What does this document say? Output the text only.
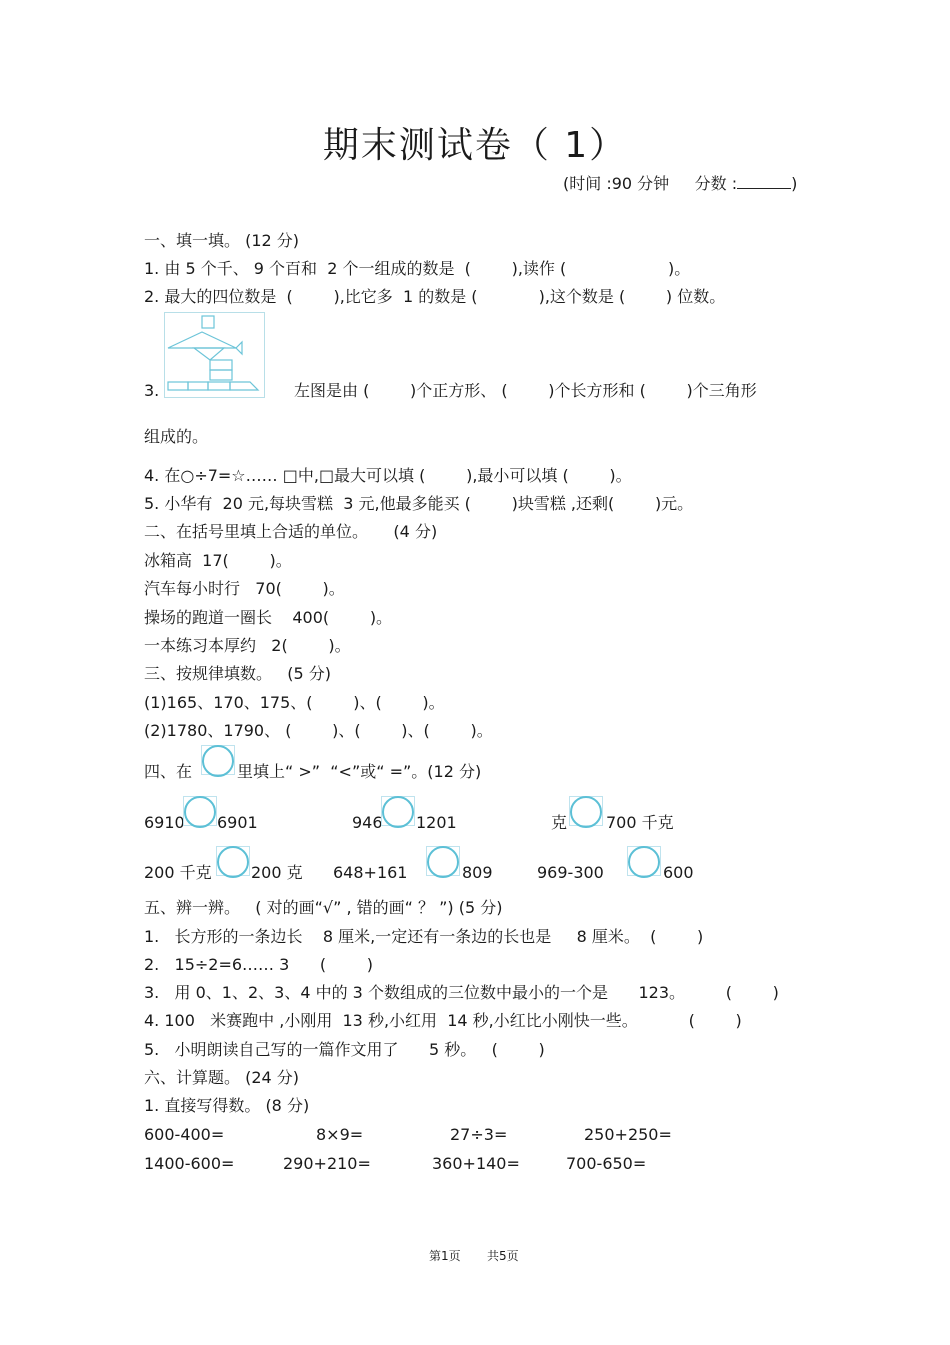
期末测试卷（ 1）
(时间 :90 分钟 分数 :	)
一、填一填。 (12 分)
1. 由 5 个千、 9 个百和  2 个一组成的数是  (        ),读作 (                    )。
2. 最大的四位数是  (        ),比它多  1 的数是 (            ),这个数是 (        ) 位数。
3.	左图是由 (        )个正方形、 (        )个长方形和 (        )个三角形
组成的。
4. 在○÷7=☆…… □中,□最大可以填 (        ),最小可以填 (        )。
5. 小华有  20 元,每块雪糕  3 元,他最多能买 (        )块雪糕 ,还剩(        )元。
二、在括号里填上合适的单位。     (4 分)
冰箱高  17(        )。
汽车每小时行   70(        )。
操场的跑道一圈长    400(        )。
一本练习本厚约   2(        )。
三、按规律填数。   (5 分)
(1)165、170、175、(        )、(        )。
(2)1780、1790、 (        )、(        )、(        )。
四、在	里填上“ >”  “<”或“ =”。(12 分)
6910 6901	946 1201	克 700 千克
200 千克 200 克 648+161	809	969-300	600
五、辨一辨。   ( 对的画“√” , 错的画“ ？ ”) (5 分)
1.   长方形的一条边长    8 厘米,一定还有一条边的长也是     8 厘米。  (        )
2.   15÷2=6…… 3      (        )
3.   用 0、1、2、3、4 中的 3 个数组成的三位数中最小的一个是      123。        (        )
4. 100   米赛跑中 ,小刚用  13 秒,小红用  14 秒,小红比小刚快一些。          (        )
5.   小明朗读自己写的一篇作文用了      5 秒。   (        )
六、计算题。 (24 分)
1. 直接写得数。 (8 分)
600-400=	8×9=	27÷3=	250+250=
1400-600=	290+210=	360+140=	700-650=
第1页 共5页
